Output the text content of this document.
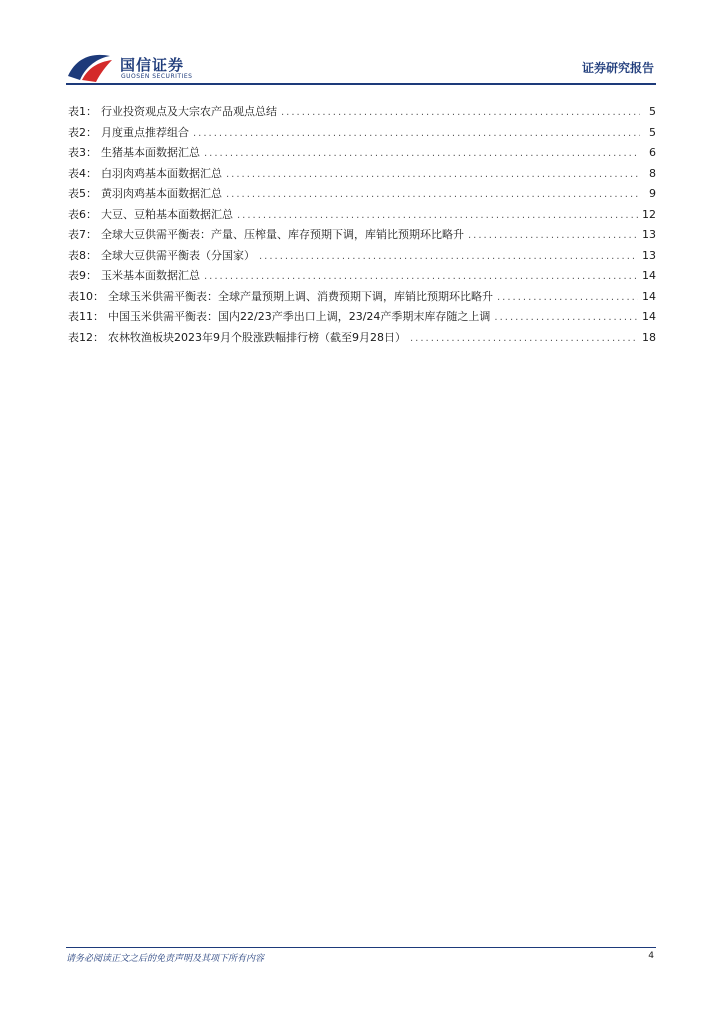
国信证券
GUOSEN SECURITIES
证券研究报告
表1： 行业投资观点及大宗农产品观点总结 .....	5
表2： 月度重点推荐组合 .....	5
表3： 生猪基本面数据汇总 .....	6
表4： 白羽肉鸡基本面数据汇总 .....	8
表5： 黄羽肉鸡基本面数据汇总 .....	9
表6： 大豆、豆粕基本面数据汇总 .....	12
表7： 全球大豆供需平衡表：产量、压榨量、库存预期下调，库销比预期环比略升 .....	13
表8： 全球大豆供需平衡表（分国家） .....	13
表9： 玉米基本面数据汇总 .....	14
表10： 全球玉米供需平衡表：全球产量预期上调、消费预期下调，库销比预期环比略升 .....	14
表11： 中国玉米供需平衡表：国内22/23产季出口上调，23/24产季期末库存随之上调 .....	14
表12： 农林牧渔板块2023年9月个股涨跌幅排行榜（截至9月28日） .....	18
请务必阅读正文之后的免责声明及其项下所有内容	4
